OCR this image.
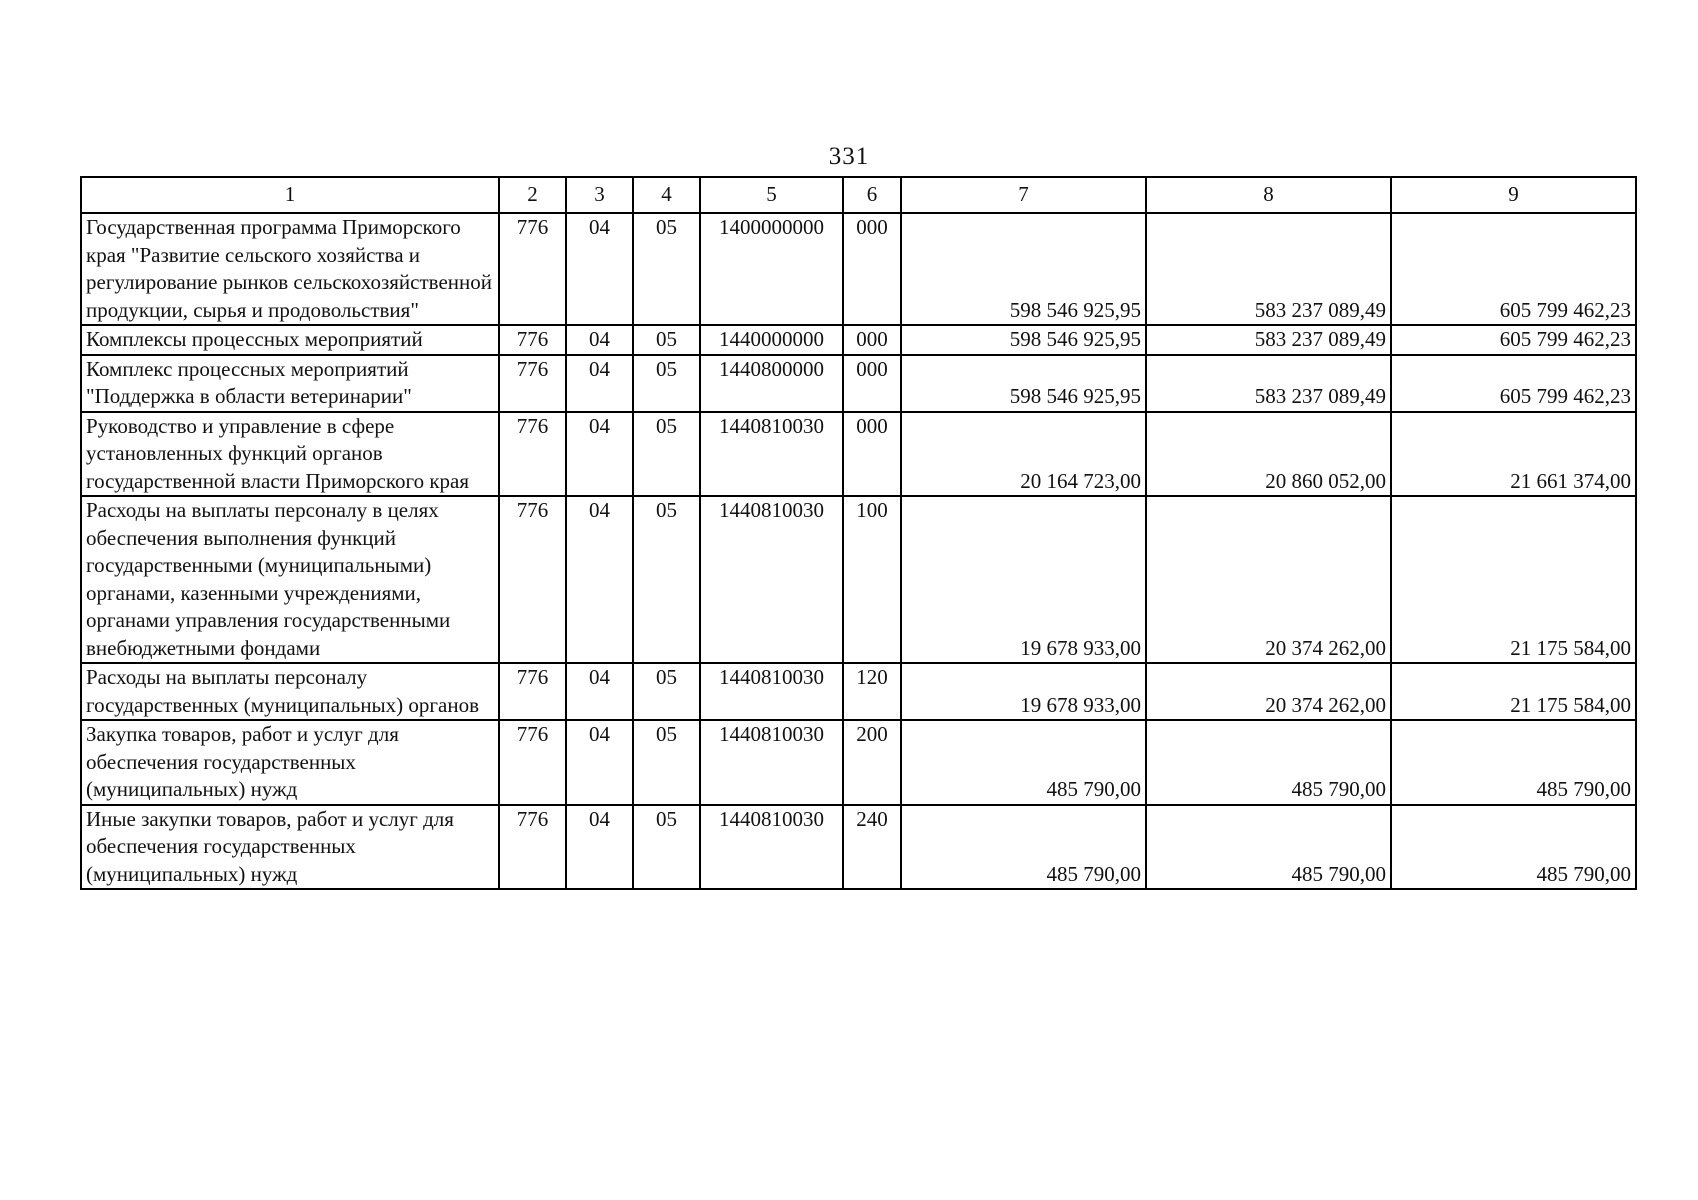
331
1	2	3	4	5	6	7	8	9
Государственная программа Приморского края "Развитие сельского хозяйства и регулирование рынков сельскохозяйственной продукции, сырья и продовольствия"	776	04	05	1400000000	000	598 546 925,95	583 237 089,49	605 799 462,23
Комплексы процессных мероприятий	776	04	05	1440000000	000	598 546 925,95	583 237 089,49	605 799 462,23
Комплекс процессных мероприятий "Поддержка в области ветеринарии"	776	04	05	1440800000	000	598 546 925,95	583 237 089,49	605 799 462,23
Руководство и управление в сфере установленных функций органов государственной власти Приморского края	776	04	05	1440810030	000	20 164 723,00	20 860 052,00	21 661 374,00
Расходы на выплаты персоналу в целях обеспечения выполнения функций государственными (муниципальными) органами, казенными учреждениями, органами управления государственными внебюджетными фондами	776	04	05	1440810030	100	19 678 933,00	20 374 262,00	21 175 584,00
Расходы на выплаты персоналу государственных (муниципальных) органов	776	04	05	1440810030	120	19 678 933,00	20 374 262,00	21 175 584,00
Закупка товаров, работ и услуг для обеспечения государственных (муниципальных) нужд	776	04	05	1440810030	200	485 790,00	485 790,00	485 790,00
Иные закупки товаров, работ и услуг для обеспечения государственных (муниципальных) нужд	776	04	05	1440810030	240	485 790,00	485 790,00	485 790,00
